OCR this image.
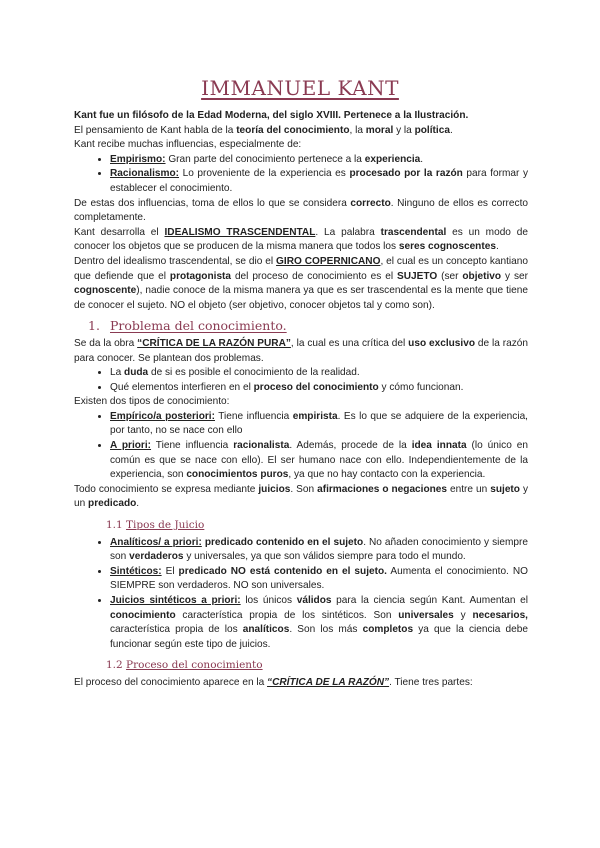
IMMANUEL KANT

Kant fue un filósofo de la Edad Moderna, del siglo XVIII. Pertenece a la Ilustración.

El pensamiento de Kant habla de la teoría del conocimiento, la moral y la política.

Kant recibe muchas influencias, especialmente de:

• Empirismo: Gran parte del conocimiento pertenece a la experiencia.
• Racionalismo: Lo proveniente de la experiencia es procesado por la razón para formar y establecer el conocimiento.

De estas dos influencias, toma de ellos lo que se considera correcto. Ninguno de ellos es correcto completamente.

Kant desarrolla el IDEALISMO TRASCENDENTAL. La palabra trascendental es un modo de conocer los objetos que se producen de la misma manera que todos los seres cognoscentes.

Dentro del idealismo trascendental, se dio el GIRO COPERNICANO, el cual es un concepto kantiano que defiende que el protagonista del proceso de conocimiento es el SUJETO (ser objetivo y ser cognoscente), nadie conoce de la misma manera ya que es ser trascendental es la mente que tiene de conocer el sujeto. NO el objeto (ser objetivo, conocer objetos tal y como son).

1. Problema del conocimiento.

Se da la obra “CRÍTICA DE LA RAZÓN PURA”, la cual es una crítica del uso exclusivo de la razón para conocer. Se plantean dos problemas.

• La duda de si es posible el conocimiento de la realidad.
• Qué elementos interfieren en el proceso del conocimiento y cómo funcionan.

Existen dos tipos de conocimiento:

• Empírico/a posteriori: Tiene influencia empirista. Es lo que se adquiere de la experiencia, por tanto, no se nace con ello
• A priori: Tiene influencia racionalista. Además, procede de la idea innata (lo único en común es que se nace con ello). El ser humano nace con ello. Independientemente de la experiencia, son conocimientos puros, ya que no hay contacto con la experiencia.

Todo conocimiento se expresa mediante juicios. Son afirmaciones o negaciones entre un sujeto y un predicado.

1.1 Tipos de Juicio
• Analíticos/ a priori: predicado contenido en el sujeto. No añaden conocimiento y siempre son verdaderos y universales, ya que son válidos siempre para todo el mundo.
• Sintéticos: El predicado NO está contenido en el sujeto. Aumenta el conocimiento. NO SIEMPRE son verdaderos. NO son universales.
• Juicios sintéticos a priori: los únicos válidos para la ciencia según Kant. Aumentan el conocimiento característica propia de los sintéticos. Son universales y necesarios, característica propia de los analíticos. Son los más completos ya que la ciencia debe funcionar según este tipo de juicios.
1.2 Proceso del conocimiento

El proceso del conocimiento aparece en la “CRÍTICA DE LA RAZÓN”. Tiene tres partes:
